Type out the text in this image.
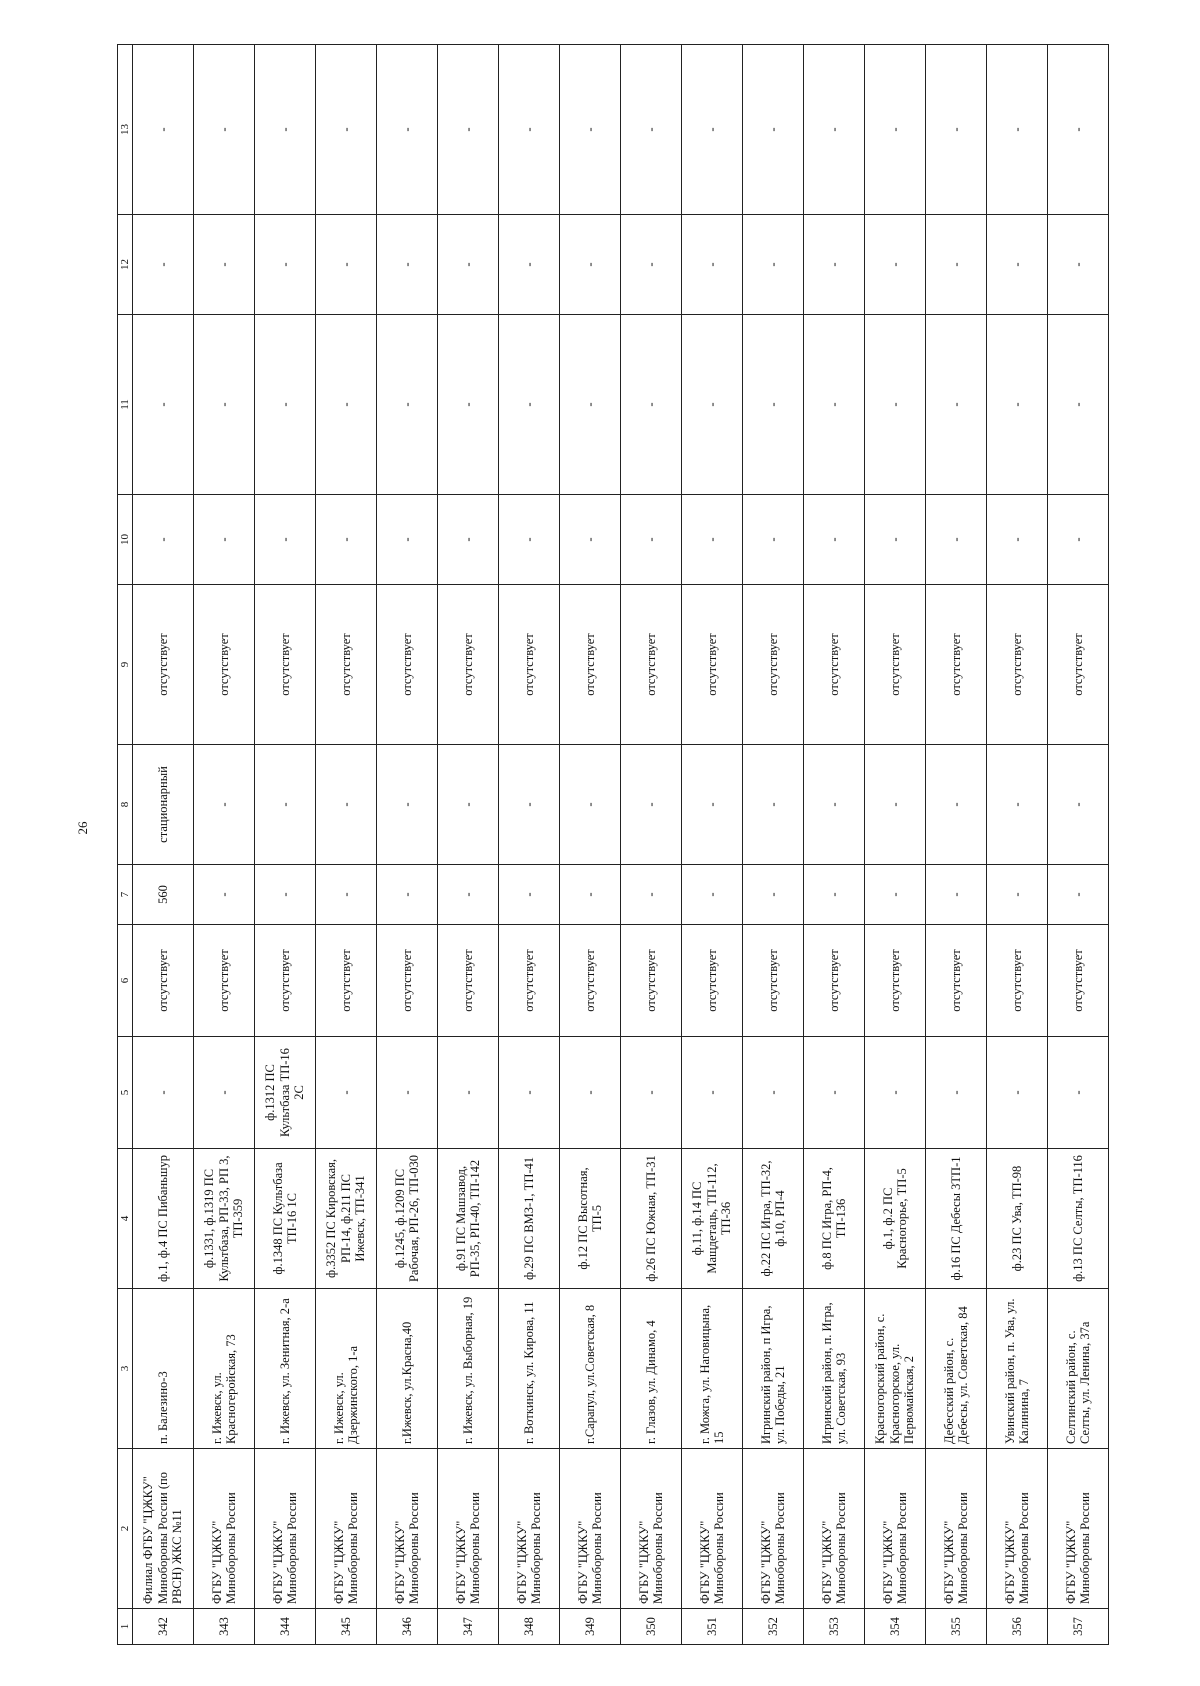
26
1	2	3	4	5	6	7	8	9	10	11	12	13
342	Филиал ФГБУ "ЦЖКУ" Минобороны России (по РВСН) ЖКС №11	п. Балезино-3	ф.1, ф.4 ПС Пибаньшур	-	отсутствует	560	стационарный	отсутствует	-	-	-	-
343	ФГБУ "ЦЖКУ" Минобороны России	г. Ижевск, ул. Красногеройская, 73	ф.1331, ф.1319 ПС Культбаза, РП-33, РП 3, ТП-359	-	отсутствует	-	-	отсутствует	-	-	-	-
344	ФГБУ "ЦЖКУ" Минобороны России	г. Ижевск, ул. Зенитная, 2-а	ф.1348 ПС Культбаза ТП-16 1С	ф.1312 ПС Культбаза ТП-16 2С	отсутствует	-	-	отсутствует	-	-	-	-
345	ФГБУ "ЦЖКУ" Минобороны России	г. Ижевск, ул. Дзержинского, 1-а	ф.3352 ПС Кировская, РП-14, ф.211 ПС Ижевск, ТП-341	-	отсутствует	-	-	отсутствует	-	-	-	-
346	ФГБУ "ЦЖКУ" Минобороны России	г.Ижевск, ул.Красна,40	ф.1245, ф.1209 ПС Рабочая, РП-26, ТП-030	-	отсутствует	-	-	отсутствует	-	-	-	-
347	ФГБУ "ЦЖКУ" Минобороны России	г. Ижевск, ул. Выборная, 19	ф.91 ПС Машзавод, РП-35, РП-40, ТП-142	-	отсутствует	-	-	отсутствует	-	-	-	-
348	ФГБУ "ЦЖКУ" Минобороны России	г. Воткинск, ул. Кирова, 11	ф.29 ПС ВМЗ-1, ТП-41	-	отсутствует	-	-	отсутствует	-	-	-	-
349	ФГБУ "ЦЖКУ" Минобороны России	г.Сарапул, ул.Советская, 8	ф.12 ПС Высотная, ТП-5	-	отсутствует	-	-	отсутствует	-	-	-	-
350	ФГБУ "ЦЖКУ" Минобороны России	г. Глазов, ул. Динамо, 4	ф.26 ПС Южная, ТП-31	-	отсутствует	-	-	отсутствует	-	-	-	-
351	ФГБУ "ЦЖКУ" Минобороны России	г. Можга, ул. Наговицына, 15	ф.11, ф.14 ПС Мащдетаць, ТП-112, ТП-36	-	отсутствует	-	-	отсутствует	-	-	-	-
352	ФГБУ "ЦЖКУ" Минобороны России	Игринский район, п Игра, ул. Победы, 21	ф.22 ПС Игра, ТП-32, ф.10, РП-4	-	отсутствует	-	-	отсутствует	-	-	-	-
353	ФГБУ "ЦЖКУ" Минобороны России	Игринский район, п. Игра, ул. Советская, 93	ф.8 ПС Игра, РП-4, ТП-136	-	отсутствует	-	-	отсутствует	-	-	-	-
354	ФГБУ "ЦЖКУ" Минобороны России	Красногорский район, с. Красногорское, ул. Первомайская, 2	ф.1, ф.2 ПС Красногорье, ТП-5	-	отсутствует	-	-	отсутствует	-	-	-	-
355	ФГБУ "ЦЖКУ" Минобороны России	Дебесский район, с. Дебесы, ул. Советская, 84	ф.16 ПС Дебесы 3ТП-1	-	отсутствует	-	-	отсутствует	-	-	-	-
356	ФГБУ "ЦЖКУ" Минобороны России	Увинский район, п. Ува, ул. Калинина, 7	ф.23 ПС Ува, ТП-98	-	отсутствует	-	-	отсутствует	-	-	-	-
357	ФГБУ "ЦЖКУ" Минобороны России	Селтинский район, с. Селты, ул. Ленина, 37а	ф.13 ПС Селты, ТП-116	-	отсутствует	-	-	отсутствует	-	-	-	-
